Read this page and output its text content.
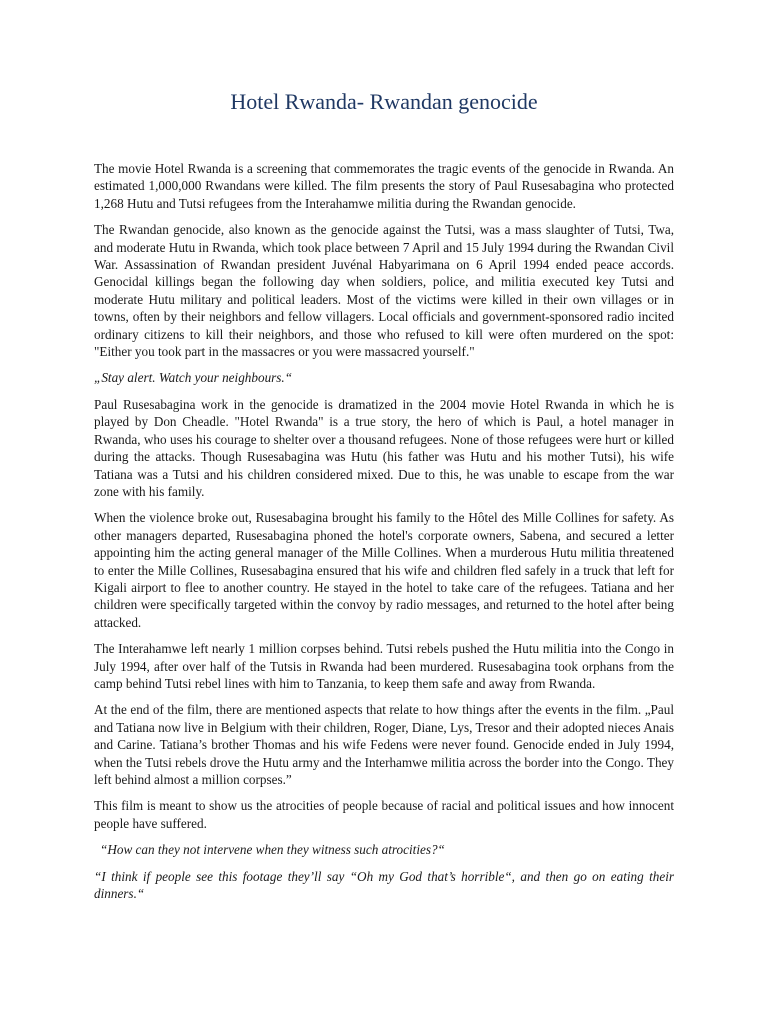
Hotel Rwanda- Rwandan genocide

The movie Hotel Rwanda is a screening that commemorates the tragic events of the genocide in Rwanda. An estimated 1,000,000 Rwandans were killed. The film presents the story of Paul Rusesabagina who protected 1,268 Hutu and Tutsi refugees from the Interahamwe militia during the Rwandan genocide.

The Rwandan genocide, also known as the genocide against the Tutsi, was a mass slaughter of Tutsi, Twa, and moderate Hutu in Rwanda, which took place between 7 April and 15 July 1994 during the Rwandan Civil War. Assassination of Rwandan president Juvénal Habyarimana on 6 April 1994 ended peace accords. Genocidal killings began the following day when soldiers, police, and militia executed key Tutsi and moderate Hutu military and political leaders. Most of the victims were killed in their own villages or in towns, often by their neighbors and fellow villagers. Local officials and government-sponsored radio incited ordinary citizens to kill their neighbors, and those who refused to kill were often murdered on the spot: "Either you took part in the massacres or you were massacred yourself."

„Stay alert. Watch your neighbours.“

Paul Rusesabagina work in the genocide is dramatized in the 2004 movie Hotel Rwanda in which he is played by Don Cheadle. "Hotel Rwanda" is a true story, the hero of which is Paul, a hotel manager in Rwanda, who uses his courage to shelter over a thousand refugees. None of those refugees were hurt or killed during the attacks. Though Rusesabagina was Hutu (his father was Hutu and his mother Tutsi), his wife Tatiana was a Tutsi and his children considered mixed. Due to this, he was unable to escape from the war zone with his family.

When the violence broke out, Rusesabagina brought his family to the Hôtel des Mille Collines for safety. As other managers departed, Rusesabagina phoned the hotel's corporate owners, Sabena, and secured a letter appointing him the acting general manager of the Mille Collines. When a murderous Hutu militia threatened to enter the Mille Collines, Rusesabagina ensured that his wife and children fled safely in a truck that left for Kigali airport to flee to another country. He stayed in the hotel to take care of the refugees. Tatiana and her children were specifically targeted within the convoy by radio messages, and returned to the hotel after being attacked.

The Interahamwe left nearly 1 million corpses behind. Tutsi rebels pushed the Hutu militia into the Congo in July 1994, after over half of the Tutsis in Rwanda had been murdered. Rusesabagina took orphans from the camp behind Tutsi rebel lines with him to Tanzania, to keep them safe and away from Rwanda.

At the end of the film, there are mentioned aspects that relate to how things after the events in the film. „Paul and Tatiana now live in Belgium with their children, Roger, Diane, Lys, Tresor and their adopted nieces Anais and Carine. Tatiana’s brother Thomas and his wife Fedens were never found. Genocide ended in July 1994, when the Tutsi rebels drove the Hutu army and the Interhamwe militia across the border into the Congo. They left behind almost a million corpses.”

This film is meant to show us the atrocities of people because of racial and political issues and how innocent people have suffered.

“How can they not intervene when they witness such atrocities?“

“I think if people see this footage they’ll say “Oh my God that’s horrible“, and then go on eating their dinners.“
